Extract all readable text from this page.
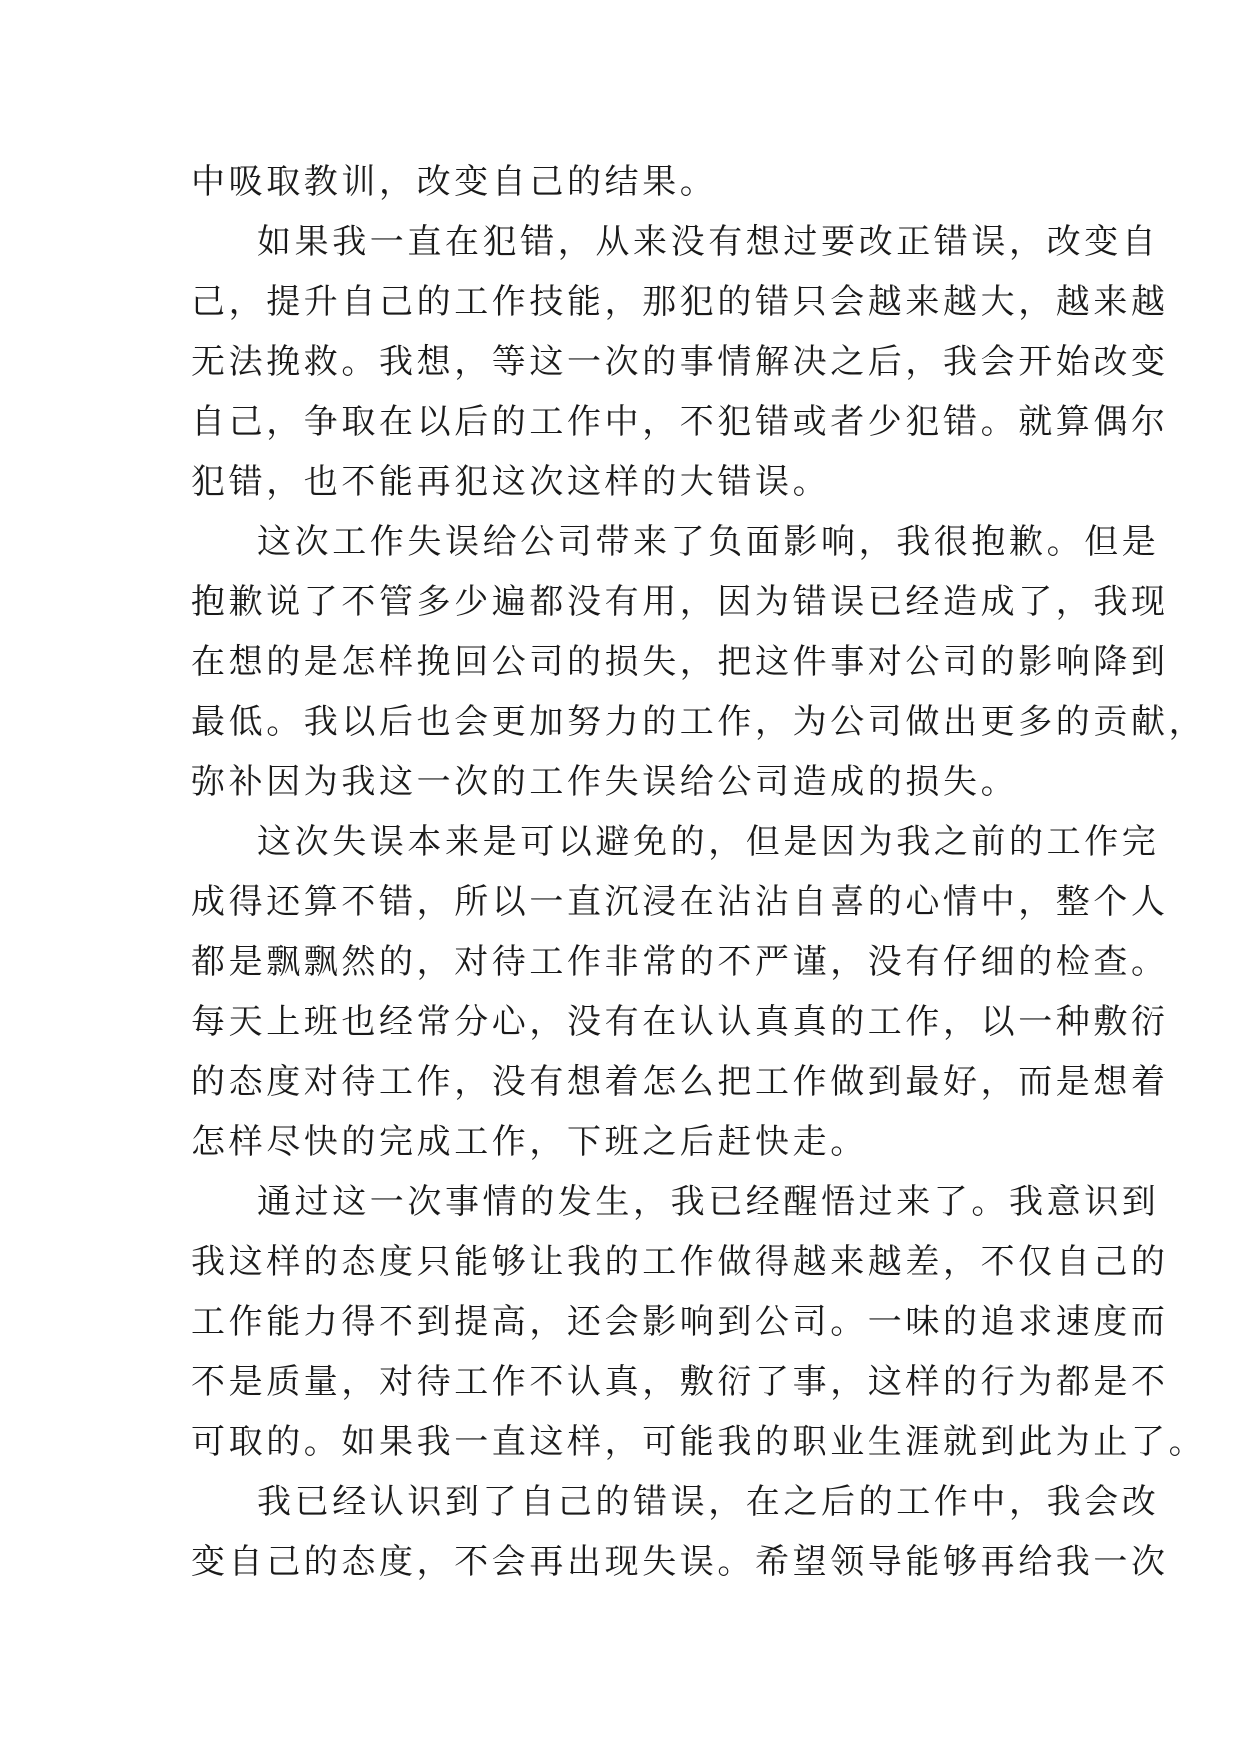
中吸取教训，改变自己的结果。
如果我一直在犯错，从来没有想过要改正错误，改变自
己，提升自己的工作技能，那犯的错只会越来越大，越来越
无法挽救。我想，等这一次的事情解决之后，我会开始改变
自己，争取在以后的工作中，不犯错或者少犯错。就算偶尔
犯错，也不能再犯这次这样的大错误。
这次工作失误给公司带来了负面影响，我很抱歉。但是
抱歉说了不管多少遍都没有用，因为错误已经造成了，我现
在想的是怎样挽回公司的损失，把这件事对公司的影响降到
最低。我以后也会更加努力的工作，为公司做出更多的贡献，
弥补因为我这一次的工作失误给公司造成的损失。
这次失误本来是可以避免的，但是因为我之前的工作完
成得还算不错，所以一直沉浸在沾沾自喜的心情中，整个人
都是飘飘然的，对待工作非常的不严谨，没有仔细的检查。
每天上班也经常分心，没有在认认真真的工作，以一种敷衍
的态度对待工作，没有想着怎么把工作做到最好，而是想着
怎样尽快的完成工作，下班之后赶快走。
通过这一次事情的发生，我已经醒悟过来了。我意识到
我这样的态度只能够让我的工作做得越来越差，不仅自己的
工作能力得不到提高，还会影响到公司。一味的追求速度而
不是质量，对待工作不认真，敷衍了事，这样的行为都是不
可取的。如果我一直这样，可能我的职业生涯就到此为止了。
我已经认识到了自己的错误，在之后的工作中，我会改
变自己的态度，不会再出现失误。希望领导能够再给我一次
